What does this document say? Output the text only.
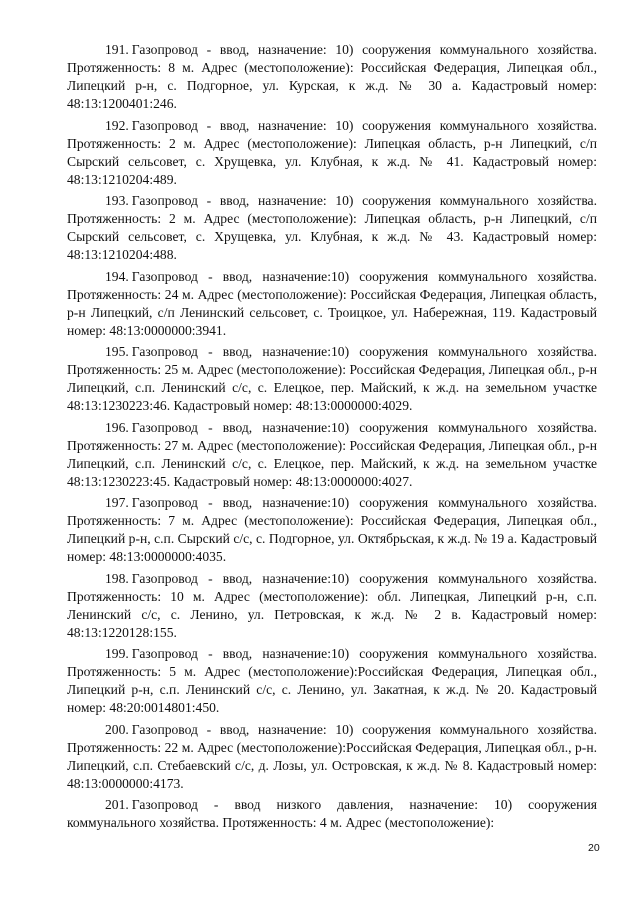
191. Газопровод - ввод, назначение: 10) сооружения коммунального хозяйства. Протяженность: 8 м. Адрес (местоположение): Российская Федерация, Липецкая обл., Липецкий р-н, с. Подгорное, ул. Курская, к ж.д. № 30 а. Кадастровый номер: 48:13:1200401:246.

192. Газопровод - ввод, назначение: 10) сооружения коммунального хозяйства. Протяженность: 2 м. Адрес (местоположение): Липецкая область, р-н Липецкий, с/п Сырский сельсовет, с. Хрущевка, ул. Клубная, к ж.д. № 41. Кадастровый номер: 48:13:1210204:489.

193. Газопровод - ввод, назначение: 10) сооружения коммунального хозяйства. Протяженность: 2 м. Адрес (местоположение): Липецкая область, р-н Липецкий, с/п Сырский сельсовет, с. Хрущевка, ул. Клубная, к ж.д. № 43. Кадастровый номер: 48:13:1210204:488.

194. Газопровод - ввод, назначение:10) сооружения коммунального хозяйства. Протяженность: 24 м. Адрес (местоположение): Российская Федерация, Липецкая область, р-н Липецкий, с/п Ленинский сельсовет, с. Троицкое, ул. Набережная, 119. Кадастровый номер: 48:13:0000000:3941.

195. Газопровод - ввод, назначение:10) сооружения коммунального хозяйства. Протяженность: 25 м. Адрес (местоположение): Российская Федерация, Липецкая обл., р-н Липецкий, с.п. Ленинский с/с, с. Елецкое, пер. Майский, к ж.д. на земельном участке 48:13:1230223:46. Кадастровый номер: 48:13:0000000:4029.

196. Газопровод - ввод, назначение:10) сооружения коммунального хозяйства. Протяженность: 27 м. Адрес (местоположение): Российская Федерация, Липецкая обл., р-н Липецкий, с.п. Ленинский с/с, с. Елецкое, пер. Майский, к ж.д. на земельном участке 48:13:1230223:45. Кадастровый номер: 48:13:0000000:4027.

197. Газопровод - ввод, назначение:10) сооружения коммунального хозяйства. Протяженность: 7 м. Адрес (местоположение): Российская Федерация, Липецкая обл., Липецкий р-н, с.п. Сырский с/с, с. Подгорное, ул. Октябрьская, к ж.д. № 19 а. Кадастровый номер: 48:13:0000000:4035.

198. Газопровод - ввод, назначение:10) сооружения коммунального хозяйства. Протяженность: 10 м. Адрес (местоположение): обл. Липецкая, Липецкий р-н, с.п. Ленинский с/с, с. Ленино, ул. Петровская, к ж.д. № 2 в. Кадастровый номер: 48:13:1220128:155.

199. Газопровод - ввод, назначение:10) сооружения коммунального хозяйства. Протяженность: 5 м. Адрес (местоположение):Российская Федерация, Липецкая обл., Липецкий р-н, с.п. Ленинский с/с, с. Ленино, ул. Закатная, к ж.д. № 20. Кадастровый номер: 48:20:0014801:450.

200. Газопровод - ввод, назначение: 10) сооружения коммунального хозяйства. Протяженность: 22 м. Адрес (местоположение):Российская Федерация, Липецкая обл., р-н. Липецкий, с.п. Стебаевский с/с, д. Лозы, ул. Островская, к ж.д. № 8. Кадастровый номер: 48:13:0000000:4173.

201. Газопровод - ввод низкого давления, назначение: 10) сооружения коммунального хозяйства. Протяженность: 4 м. Адрес (местоположение):

20
